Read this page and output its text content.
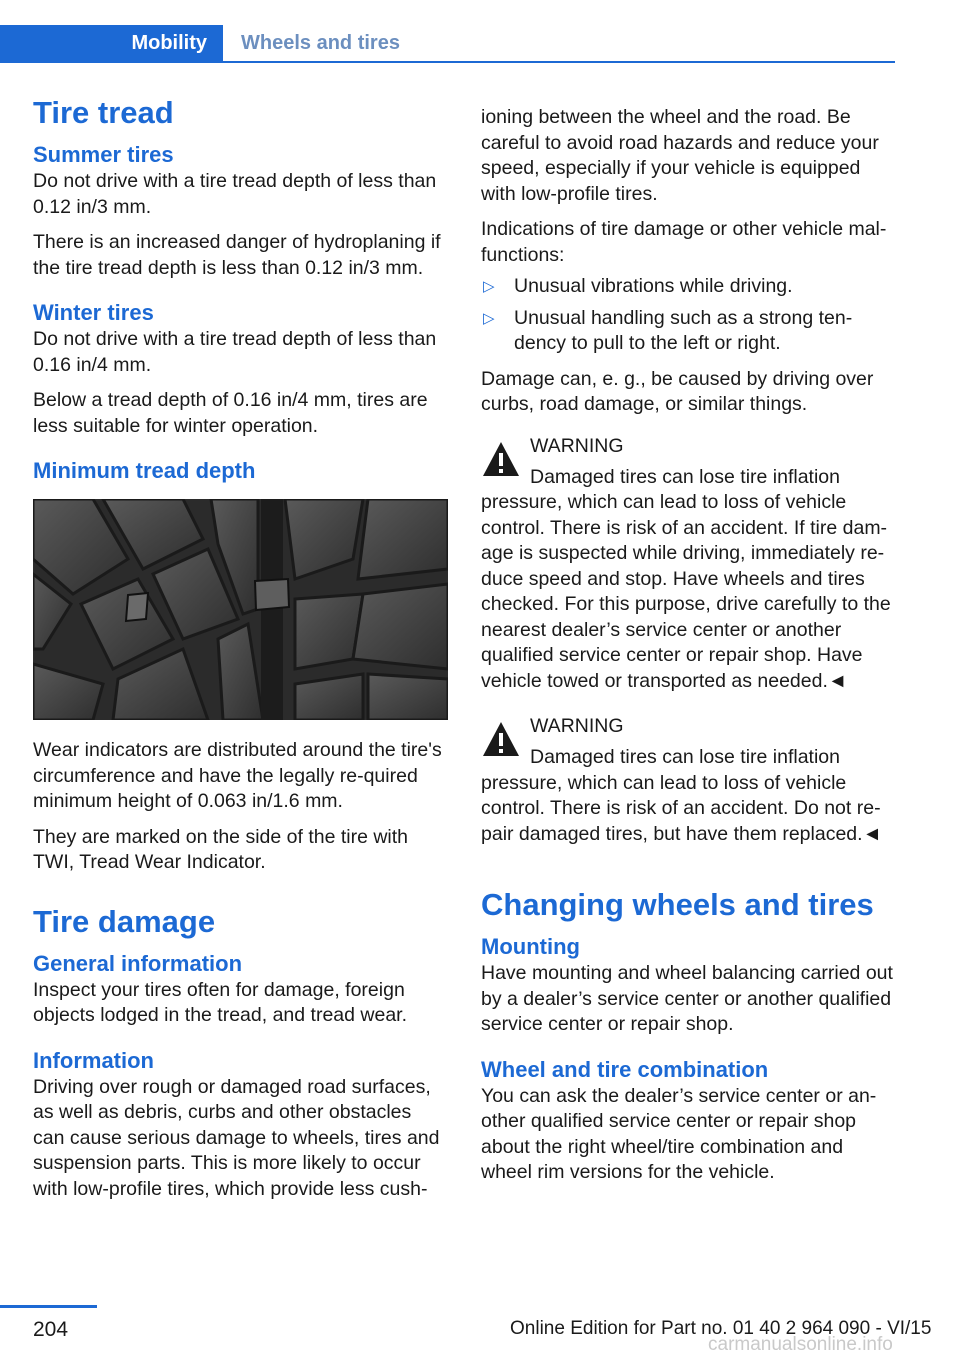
Mobility	Wheels and tires
Tire tread
Summer tires

Do not drive with a tire tread depth of less than 0.12 in/3 mm.

There is an increased danger of hydroplaning if the tire tread depth is less than 0.12 in/3 mm.

Winter tires

Do not drive with a tire tread depth of less than 0.16 in/4 mm.

Below a tread depth of 0.16 in/4 mm, tires are less suitable for winter operation.

Minimum tread depth

Wear indicators are distributed around the tire's circumference and have the legally re‐quired minimum height of 0.063 in/1.6 mm.

They are marked on the side of the tire with TWI, Tread Wear Indicator.

Tire damage
General information

Inspect your tires often for damage, foreign objects lodged in the tread, and tread wear.

Information

Driving over rough or damaged road surfaces, as well as debris, curbs and other obstacles can cause serious damage to wheels, tires and suspension parts. This is more likely to occur with low-profile tires, which provide less cush‐

ioning between the wheel and the road. Be careful to avoid road hazards and reduce your speed, especially if your vehicle is equipped with low-profile tires.

Indications of tire damage or other vehicle mal‐functions:

▷ Unusual vibrations while driving.
▷ Unusual handling such as a strong ten‐dency to pull to the left or right.

Damage can, e. g., be caused by driving over curbs, road damage, or similar things.

WARNING

Damaged tires can lose tire inflation

pressure, which can lead to loss of vehicle control. There is risk of an accident. If tire dam‐age is suspected while driving, immediately re‐duce speed and stop. Have wheels and tires checked. For this purpose, drive carefully to the nearest dealer’s service center or another qualified service center or repair shop. Have vehicle towed or transported as needed.◄

WARNING

Damaged tires can lose tire inflation

pressure, which can lead to loss of vehicle control. There is risk of an accident. Do not re‐pair damaged tires, but have them replaced.◄

Changing wheels and tires
Mounting

Have mounting and wheel balancing carried out by a dealer’s service center or another qualified service center or repair shop.

Wheel and tire combination

You can ask the dealer’s service center or an‐other qualified service center or repair shop about the right wheel/tire combination and wheel rim versions for the vehicle.

204	Online Edition for Part no. 01 40 2 964 090 - VI/15
carmanualsonline.info
